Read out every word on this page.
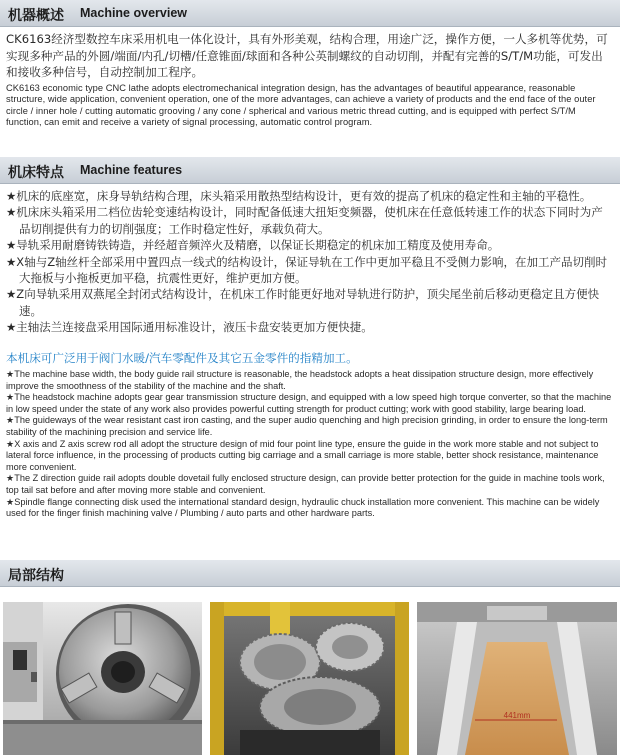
机器概述 Machine overview
CK6163经济型数控车床采用机电一体化设计，具有外形美观，结构合理，用途广泛，操作方便，一人多机等优势，可实现多种产品的外圆/端面/内孔/切槽/任意锥面/球面和各种公英制螺纹的自动切削，并配有完善的S/T/M功能，可发出和接收多种信号，自动控制加工程序。
CK6163 economic type CNC lathe adopts electromechanical integration design, has the advantages of beautiful appearance, reasonable structure, wide application, convenient operation, one of the more advantages, can achieve a variety of products and the end face of the outer circle / inner hole / cutting automatic grooving / any cone / spherical and various metric thread cutting, and is equipped with perfect S/T/M function, can emit and receive a variety of signal processing, automatic control program.
机床特点 Machine features
★机床的底座宽，床身导轨结构合理，床头箱采用散热型结构设计，更有效的提高了机床的稳定性和主轴的平稳性。
★机床床头箱采用二档位齿轮变速结构设计，同时配备低速大扭矩变频器，使机床在任意低转速工作的状态下同时为产品切削提供有力的切削强度；工作时稳定性好，承载负荷大。
★导轨采用耐磨铸铁铸造，并经超音频淬火及精磨，以保证长期稳定的机床加工精度及使用寿命。
★X轴与Z轴丝杆全部采用中置四点一线式的结构设计，保证导轨在工作中更加平稳且不受侧力影响，在加工产品切削时大拖板与小拖板更加平稳，抗震性更好，维护更加方便。
★Z向导轨采用双燕尾全封闭式结构设计，在机床工作时能更好地对导轨进行防护，顶尖尾坐前后移动更稳定且方便快速。
★主轴法兰连接盘采用国际通用标准设计，液压卡盘安装更加方便快捷。
本机床可广泛用于阀门水暖/汽车零配件及其它五金零件的指精加工。
★The machine base width, the body guide rail structure is reasonable, the headstock adopts a heat dissipation structure design, more effectively improve the smoothness of the stability of the machine and the shaft.
★The headstock machine adopts gear gear transmission structure design, and equipped with a low speed high torque converter, so that the machine in low speed under the state of any work also provides powerful cutting strength for product cutting; work with good stability, large bearing load.
★The guideways of the wear resistant cast iron casting, and the super audio quenching and high precision grinding, in order to ensure the long-term stability of the machining precision and service life.
★X axis and Z axis screw rod all adopt the structure design of mid four point line type, ensure the guide in the work more stable and not subject to lateral force influence, in the processing of products cutting big carriage and a small carriage is more stable, better shock resistance, maintenance more convenient.
★The Z direction guide rail adopts double dovetail fully enclosed structure design, can provide better protection for the guide in machine tools work, top tail sat before and after moving more stable and convenient.
★Spindle flange connecting disk used the international standard design, hydraulic chuck installation more convenient. This machine can be widely used for the finger finish machining valve / Plumbing / auto parts and other hardware parts.
局部结构
441mm
